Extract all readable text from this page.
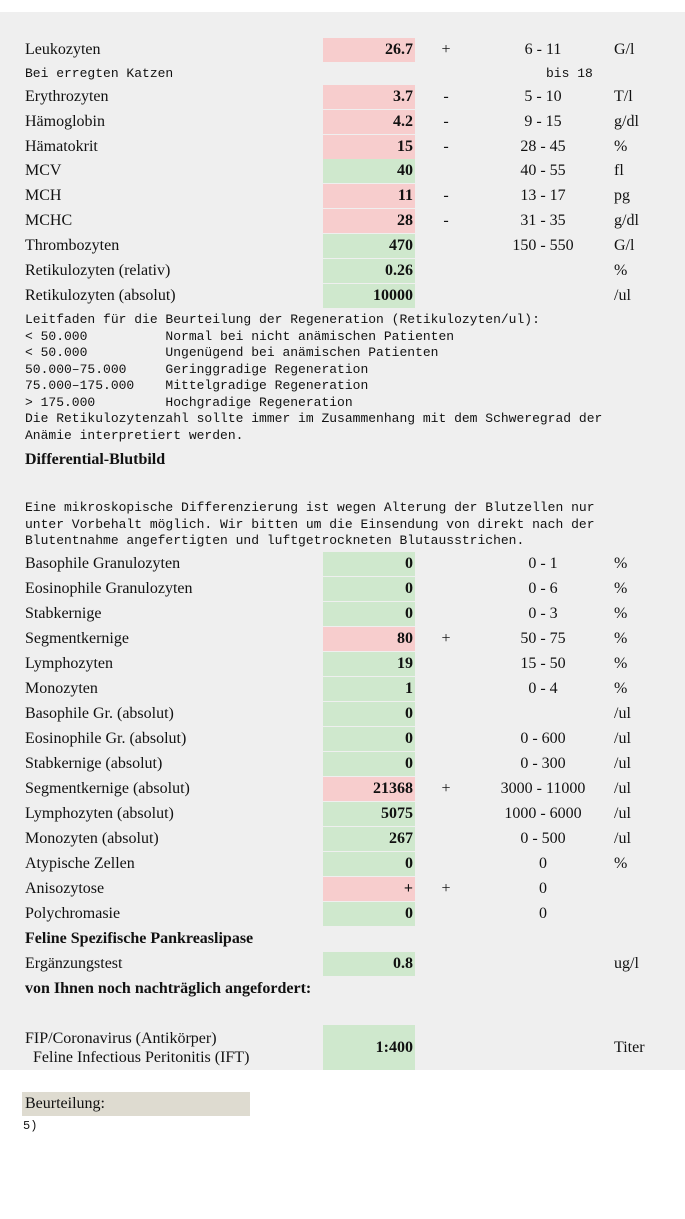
Leukozyten	26.7 +	6 - 11	G/l
Erythrozyten	3.7	-	5 - 10	T/l
Hämoglobin	4.2	-	9 - 15	g/dl
Hämatokrit	15	-	28 - 45	%
MCV	40	40 - 55	fl
MCH	11	-	13 - 17	pg
MCHC	28	-	31 - 35	g/dl
Thrombozyten	470	150 - 550	G/l
Retikulozyten (relativ)	0.26	%
Retikulozyten (absolut)	10000	/ul
Bei erregten Katzen	bis 18
Leitfaden für die Beurteilung der Regeneration (Retikulozyten/ul):
< 50.000          Normal bei nicht anämischen Patienten
< 50.000          Ungenügend bei anämischen Patienten
50.000–75.000     Geringgradige Regeneration
75.000–175.000    Mittelgradige Regeneration
> 175.000         Hochgradige Regeneration
Die Retikulozytenzahl sollte immer im Zusammenhang mit dem Schweregrad der
Anämie interpretiert werden.
Differential-Blutbild
Eine mikroskopische Differenzierung ist wegen Alterung der Blutzellen nur
unter Vorbehalt möglich. Wir bitten um die Einsendung von direkt nach der
Blutentnahme angefertigten und luftgetrockneten Blutausstrichen.
Basophile Granulozyten	0	0 - 1	%
Eosinophile Granulozyten	0	0 - 6	%
Stabkernige	0	0 - 3	%
Segmentkernige	80 +	50 - 75	%
Lymphozyten	19	15 - 50	%
Monozyten	1	0 - 4	%
Basophile Gr. (absolut)	0	/ul
Eosinophile Gr. (absolut)	0	0 - 600	/ul
Stabkernige (absolut)	0	0 - 300	/ul
Segmentkernige (absolut)	21368 +	3000 - 11000	/ul
Lymphozyten (absolut)	5075	1000 - 6000	/ul
Monozyten (absolut)	267	0 - 500	/ul
Atypische Zellen	0	0	%
Anisozytose	+ +	0
Polychromasie	0	0
Feline Spezifische Pankreaslipase
Ergänzungstest	0.8	ug/l
von Ihnen noch nachträglich angefordert:
FIP/Coronavirus (Antikörper)
Feline Infectious Peritonitis (IFT)
1:400	Titer
Beurteilung:
5)
